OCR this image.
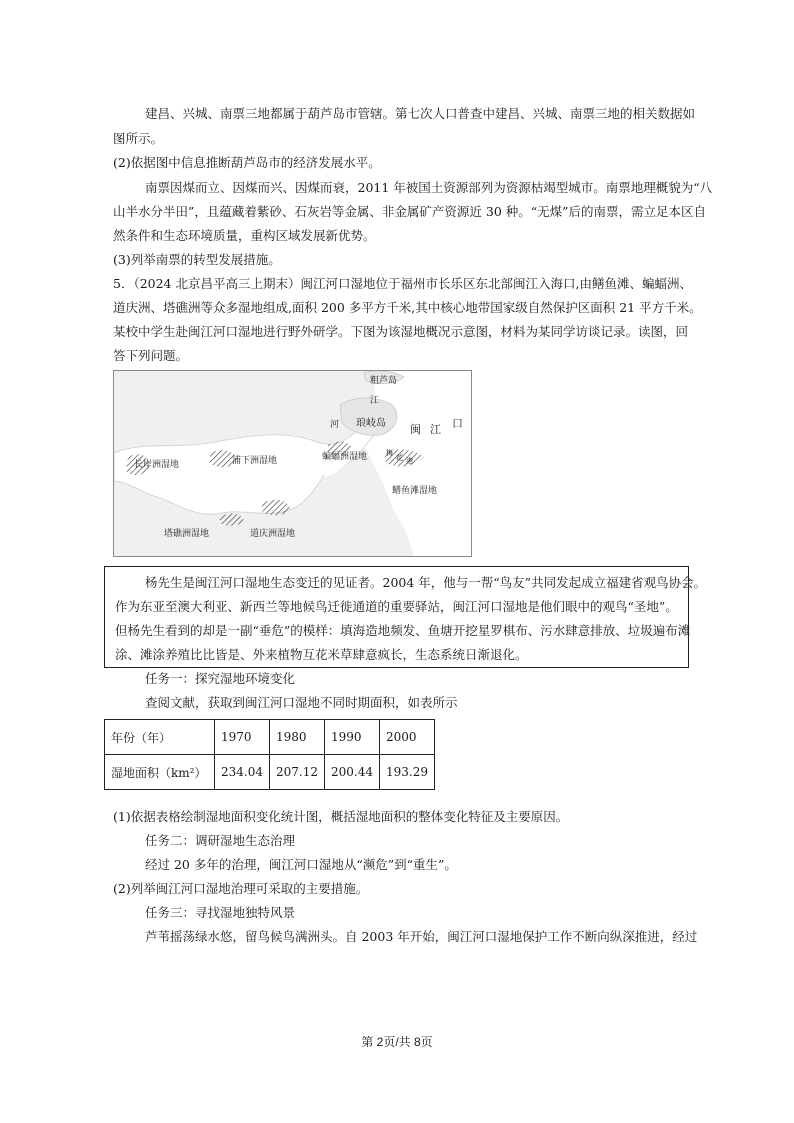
建昌、兴城、南票三地都属于葫芦岛市管辖。第七次人口普查中建昌、兴城、南票三地的相关数据如
图所示。
(2)依据图中信息推断葫芦岛市的经济发展水平。
南票因煤而立、因煤而兴、因煤而衰，2011 年被国土资源部列为资源枯竭型城市。南票地理概貌为“八
山半水分半田”，且蕴藏着紫砂、石灰岩等金属、非金属矿产资源近 30 种。“无煤”后的南票，需立足本区自
然条件和生态环境质量，重构区域发展新优势。
(3)列举南票的转型发展措施。
5．（2024 北京昌平高三上期末）闽江河口湿地位于福州市长乐区东北部闽江入海口,由鳝鱼滩、蝙蝠洲、
道庆洲、塔礁洲等众多湿地组成,面积 200 多平方千米,其中核心地带国家级自然保护区面积 21 平方千米。
某校中学生赴闽江河口湿地进行野外研学。下图为该湿地概况示意图，材料为某同学访谈记录。读图，回
答下列问题。
粗芦岛
江
琅岐岛
河	闽 江 口
长岸洲湿地	浦下洲湿地	蝙蝠洲湿地	梅
花 港
鳝鱼滩湿地
塔礁洲湿地	道庆洲湿地
杨先生是闽江河口湿地生态变迁的见证者。2004 年，他与一帮“鸟友”共同发起成立福建省观鸟协会。
作为东亚至澳大利亚、新西兰等地候鸟迁徙通道的重要驿站，闽江河口湿地是他们眼中的观鸟“圣地”。
但杨先生看到的却是一副“垂危”的模样：填海造地频发、鱼塘开挖星罗棋布、污水肆意排放、垃圾遍布滩
涂、滩涂养殖比比皆是、外来植物互花米草肆意疯长，生态系统日渐退化。
任务一：探究湿地环境变化
查阅文献，获取到闽江河口湿地不同时期面积，如表所示
年份（年）	1970	1980	1990	2000
湿地面积（km²）	234.04	207.12	200.44	193.29
(1)依据表格绘制湿地面积变化统计图，概括湿地面积的整体变化特征及主要原因。
任务二：调研湿地生态治理
经过 20 多年的治理，闽江河口湿地从“濒危”到“重生”。
(2)列举闽江河口湿地治理可采取的主要措施。
任务三：寻找湿地独特风景
芦苇摇荡绿水悠，留鸟候鸟满洲头。自 2003 年开始，闽江河口湿地保护工作不断向纵深推进，经过
第 2页/共 8页
